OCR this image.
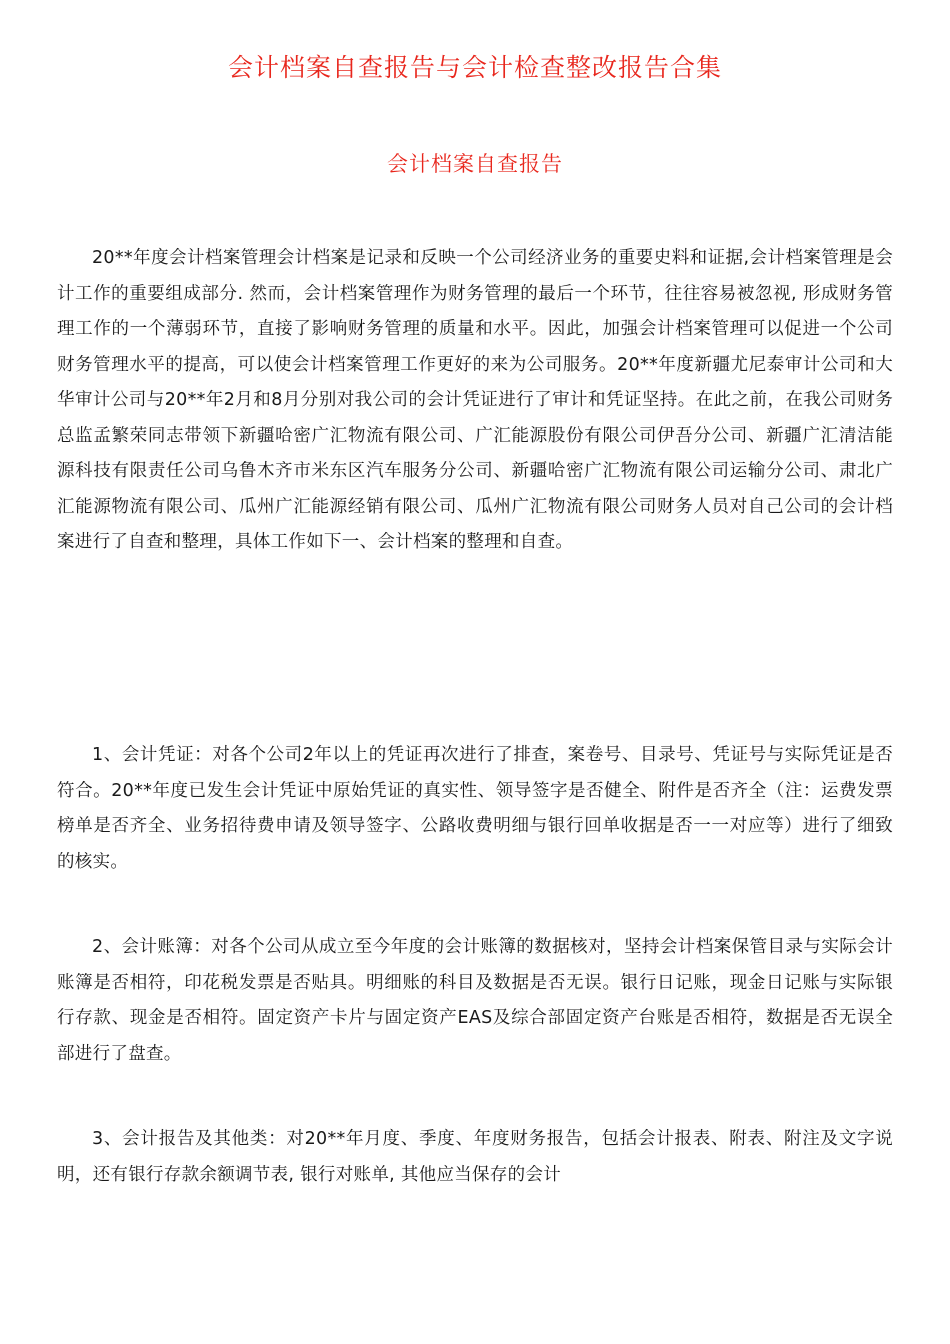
会计档案自查报告与会计检查整改报告合集
会计档案自查报告

20**年度会计档案管理会计档案是记录和反映一个公司经济业务的重要史料和证据,会计档案管理是会计工作的重要组成部分. 然而，会计档案管理作为财务管理的最后一个环节，往往容易被忽视, 形成财务管理工作的一个薄弱环节，直接了影响财务管理的质量和水平。因此，加强会计档案管理可以促进一个公司财务管理水平的提高，可以使会计档案管理工作更好的来为公司服务。20**年度新疆尤尼泰审计公司和大华审计公司与20**年2月和8月分别对我公司的会计凭证进行了审计和凭证坚持。在此之前，在我公司财务总监孟繁荣同志带领下新疆哈密广汇物流有限公司、广汇能源股份有限公司伊吾分公司、新疆广汇清洁能源科技有限责任公司乌鲁木齐市米东区汽车服务分公司、新疆哈密广汇物流有限公司运输分公司、肃北广汇能源物流有限公司、瓜州广汇能源经销有限公司、瓜州广汇物流有限公司财务人员对自己公司的会计档案进行了自查和整理，具体工作如下一、会计档案的整理和自查。

1、会计凭证：对各个公司2年以上的凭证再次进行了排查，案卷号、目录号、凭证号与实际凭证是否符合。20**年度已发生会计凭证中原始凭证的真实性、领导签字是否健全、附件是否齐全（注：运费发票榜单是否齐全、业务招待费申请及领导签字、公路收费明细与银行回单收据是否一一对应等）进行了细致的核实。

2、会计账簿：对各个公司从成立至今年度的会计账簿的数据核对，坚持会计档案保管目录与实际会计账簿是否相符，印花税发票是否贴具。明细账的科目及数据是否无误。银行日记账，现金日记账与实际银行存款、现金是否相符。固定资产卡片与固定资产EAS及综合部固定资产台账是否相符，数据是否无误全部进行了盘查。

3、会计报告及其他类：对20**年月度、季度、年度财务报告，包括会计报表、附表、附注及文字说明，还有银行存款余额调节表, 银行对账单, 其他应当保存的会计
